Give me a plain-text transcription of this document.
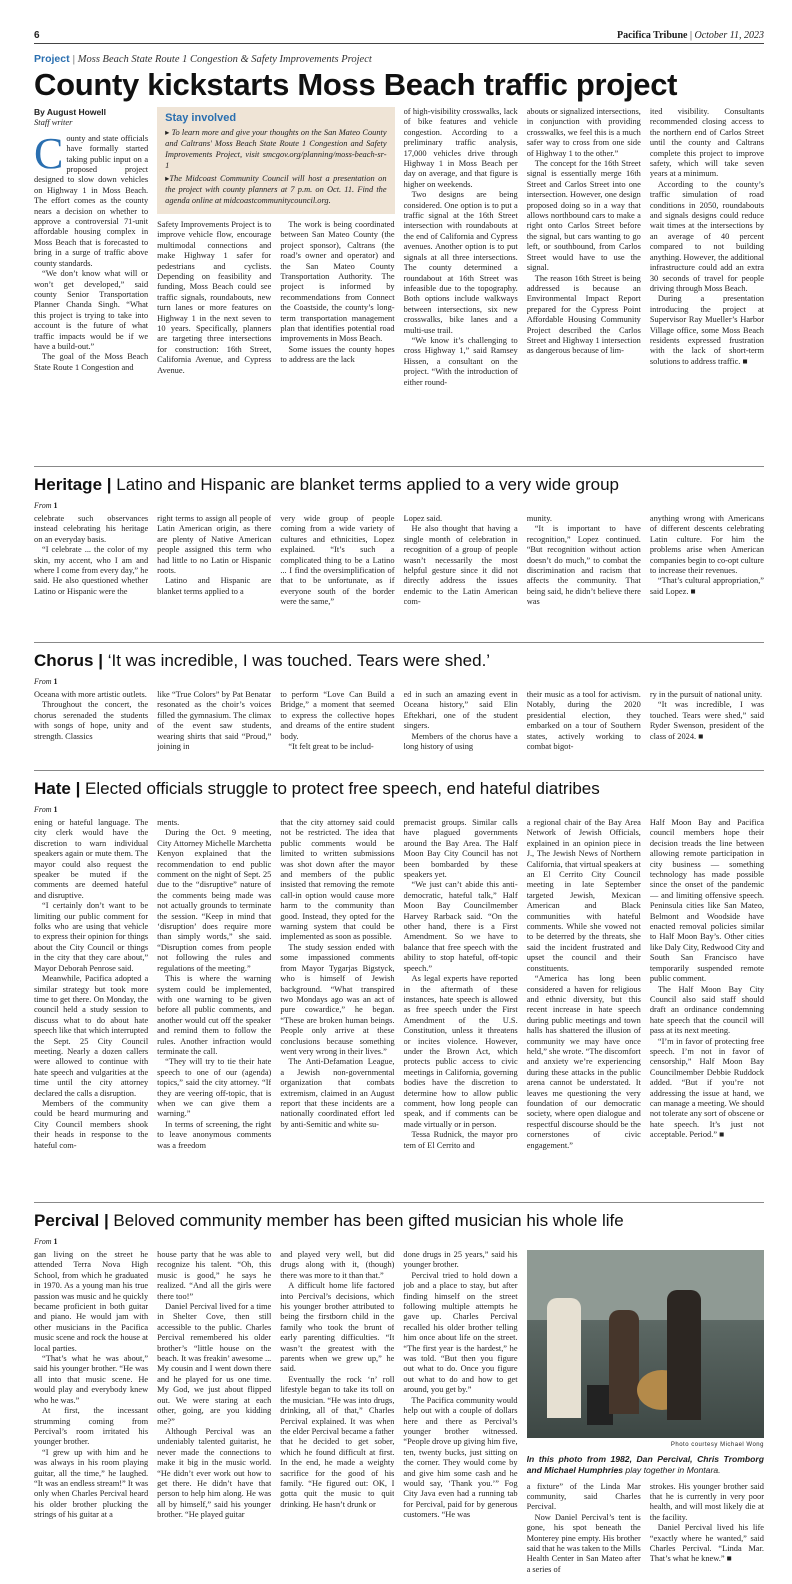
6	Pacifica Tribune | October 11, 2023
Project | Moss Beach State Route 1 Congestion & Safety Improvements Project
County kickstarts Moss Beach traffic project
By August Howell
Staff writer

County and state officials have formally started taking public input on a proposed project designed to slow down vehicles on Highway 1 in Moss Beach. The effort comes as the county nears a decision on whether to approve a controversial 71-unit affordable housing complex in Moss Beach that is forecasted to bring in a surge of traffic above county standards.

“We don’t know what will or won’t get developed,” said county Senior Transportation Planner Chanda Singh. “What this project is trying to take into account is the future of what traffic impacts would be if we have a build-out.”

The goal of the Moss Beach State Route 1 Congestion and

Stay involved

▸ To learn more and give your thoughts on the San Mateo County and Caltrans' Moss Beach State Route 1 Congestion and Safety Improvements Project, visit smcgov.org/planning/moss-beach-sr-1

▸The Midcoast Community Council will host a presentation on the project with county planners at 7 p.m. on Oct. 11. Find the agenda online at midcoastcommunitycouncil.org.

Safety Improvements Project is to improve vehicle flow, encourage multimodal connections and make Highway 1 safer for pedestrians and cyclists. Depending on feasibility and funding, Moss Beach could see traffic signals, roundabouts, new turn lanes or more features on Highway 1 in the next seven to 10 years. Specifically, planners are targeting three intersections for construction: 16th Street, California Avenue, and Cypress Avenue.

The work is being coordinated between San Mateo County (the project sponsor), Caltrans (the road’s owner and operator) and the San Mateo County Transportation Authority. The project is informed by recommendations from Connect the Coastside, the county’s long-term transportation management plan that identifies potential road improvements in Moss Beach.

Some issues the county hopes to address are the lack

of high-visibility crosswalks, lack of bike features and vehicle congestion. According to a preliminary traffic analysis, 17,000 vehicles drive through Highway 1 in Moss Beach per day on average, and that figure is higher on weekends.

Two designs are being considered. One option is to put a traffic signal at the 16th Street intersection with roundabouts at the end of California and Cypress avenues. Another option is to put signals at all three intersections. The county determined a roundabout at 16th Street was infeasible due to the topography. Both options include walkways between intersections, six new crosswalks, bike lanes and a multi-use trail.

“We know it’s challenging to cross Highway 1,” said Ramsey Hissen, a consultant on the project. “With the introduction of either round-

abouts or signalized intersections, in conjunction with providing crosswalks, we feel this is a much safer way to cross from one side of Highway 1 to the other.”

The concept for the 16th Street signal is essentially merge 16th Street and Carlos Street into one intersection. However, one design proposed doing so in a way that allows northbound cars to make a right onto Carlos Street before the signal, but cars wanting to go left, or southbound, from Carlos Street would have to use the signal.

The reason 16th Street is being addressed is because an Environmental Impact Report prepared for the Cypress Point Affordable Housing Community Project described the Carlos Street and Highway 1 intersection as dangerous because of lim-

ited visibility. Consultants recommended closing access to the northern end of Carlos Street until the county and Caltrans complete this project to improve safety, which will take seven years at a minimum.

According to the county’s traffic simulation of road conditions in 2050, roundabouts and signals designs could reduce wait times at the intersections by an average of 40 percent compared to not building anything. However, the additional infrastructure could add an extra 30 seconds of travel for people driving through Moss Beach.

During a presentation introducing the project at Supervisor Ray Mueller’s Harbor Village office, some Moss Beach residents expressed frustration with the lack of short-term solutions to address traffic. ■

Heritage | Latino and Hispanic are blanket terms applied to a very wide group
From 1

celebrate such observances instead celebrating his heritage on an everyday basis.

“I celebrate ... the color of my skin, my accent, who I am and where I come from every day,” he said. He also questioned whether Latino or Hispanic were the

right terms to assign all people of Latin American origin, as there are plenty of Native American people assigned this term who had little to no Latin or Hispanic roots.

Latino and Hispanic are blanket terms applied to a

very wide group of people coming from a wide variety of cultures and ethnicities, Lopez explained. “It’s such a complicated thing to be a Latino ... I find the oversimplification of that to be unfortunate, as if everyone south of the border were the same,”

Lopez said.

He also thought that having a single month of celebration in recognition of a group of people wasn’t necessarily the most helpful gesture since it did not directly address the issues endemic to the Latin American com-

munity.

“It is important to have recognition,” Lopez continued. “But recognition without action doesn’t do much,” to combat the discrimination and racism that affects the community. That being said, he didn’t believe there was

anything wrong with Americans of different descents celebrating Latin culture. For him the problems arise when American companies begin to co-opt culture to increase their revenues.

“That’s cultural appropriation,” said Lopez. ■

Chorus | ‘It was incredible, I was touched. Tears were shed.’
From 1

Oceana with more artistic outlets.

Throughout the concert, the chorus serenaded the students with songs of hope, unity and strength. Classics

like “True Colors” by Pat Benatar resonated as the choir’s voices filled the gymnasium. The climax of the event saw students, wearing shirts that said “Proud,” joining in

to perform “Love Can Build a Bridge,” a moment that seemed to express the collective hopes and dreams of the entire student body.

“It felt great to be includ-

ed in such an amazing event in Oceana history,” said Elin Eftekhari, one of the student singers.

Members of the chorus have a long history of using

their music as a tool for activism. Notably, during the 2020 presidential election, they embarked on a tour of Southern states, actively working to combat bigot-

ry in the pursuit of national unity.

“It was incredible, I was touched. Tears were shed,” said Ryder Swenson, president of the class of 2024. ■

Hate | Elected officials struggle to protect free speech, end hateful diatribes
From 1

ening or hateful language. The city clerk would have the discretion to warn individual speakers again or mute them. The mayor could also request the speaker be muted if the comments are deemed hateful and disruptive.

“I certainly don’t want to be limiting our public comment for folks who are using that vehicle to express their opinion for things about the City Council or things in the city that they care about,” Mayor Deborah Penrose said.

Meanwhile, Pacifica adopted a similar strategy but took more time to get there. On Monday, the council held a study session to discuss what to do about hate speech like that which interrupted the Sept. 25 City Council meeting. Nearly a dozen callers were allowed to continue with hate speech and vulgarities at the time until the city attorney declared the calls a disruption.

Members of the community could be heard murmuring and City Council members shook their heads in response to the hateful com-

ments.

During the Oct. 9 meeting, City Attorney Michelle Marchetta Kenyon explained that the recommendation to end public comment on the night of Sept. 25 due to the “disruptive” nature of the comments being made was not actually grounds to terminate the session. “Keep in mind that ‘disruption’ does require more than simply words,” she said. “Disruption comes from people not following the rules and regulations of the meeting.”

This is where the warning system could be implemented, with one warning to be given before all public comments, and another would cut off the speaker and remind them to follow the rules. Another infraction would terminate the call.

“They will try to tie their hate speech to one of our (agenda) topics,” said the city attorney. “If they are veering off-topic, that is when we can give them a warning.”

In terms of screening, the right to leave anonymous comments was a freedom

that the city attorney said could not be restricted. The idea that public comments would be limited to written submissions was shot down after the mayor and members of the public insisted that removing the remote call-in option would cause more harm to the community than good. Instead, they opted for the warning system that could be implemented as soon as possible.

The study session ended with some impassioned comments from Mayor Tygarjas Bigstyck, who is himself of Jewish background. “What transpired two Mondays ago was an act of pure cowardice,” he began. “These are broken human beings. People only arrive at these conclusions because something went very wrong in their lives.”

The Anti-Defamation League, a Jewish non-governmental organization that combats extremism, claimed in an August report that these incidents are a nationally coordinated effort led by anti-Semitic and white su-

premacist groups. Similar calls have plagued governments around the Bay Area. The Half Moon Bay City Council has not been bombarded by these speakers yet.

“We just can’t abide this anti-democratic, hateful talk,” Half Moon Bay Councilmember Harvey Rarback said. “On the other hand, there is a First Amendment. So we have to balance that free speech with the ability to stop hateful, off-topic speech.”

As legal experts have reported in the aftermath of these instances, hate speech is allowed as free speech under the First Amendment of the U.S. Constitution, unless it threatens or incites violence. However, under the Brown Act, which protects public access to civic meetings in California, governing bodies have the discretion to determine how to allow public comment, how long people can speak, and if comments can be made virtually or in person.

Tessa Rudnick, the mayor pro tem of El Cerrito and

a regional chair of the Bay Area Network of Jewish Officials, explained in an opinion piece in J., The Jewish News of Northern California, that virtual speakers at an El Cerrito City Council meeting in late September targeted Jewish, Mexican American and Black communities with hateful comments. While she vowed not to be deterred by the threats, she said the incident frustrated and upset the council and their constituents.

“America has long been considered a haven for religious and ethnic diversity, but this recent increase in hate speech during public meetings and town halls has shattered the illusion of community we may have once held,” she wrote. “The discomfort and anxiety we’re experiencing during these attacks in the public arena cannot be understated. It leaves me questioning the very foundation of our democratic society, where open dialogue and respectful discourse should be the cornerstones of civic engagement.”

Half Moon Bay and Pacifica council members hope their decision treads the line between allowing remote participation in city business — something technology has made possible since the onset of the pandemic — and limiting offensive speech. Peninsula cities like San Mateo, Belmont and Woodside have enacted removal policies similar to Half Moon Bay’s. Other cities like Daly City, Redwood City and South San Francisco have temporarily suspended remote public comment.

The Half Moon Bay City Council also said staff should draft an ordinance condemning hate speech that the council will pass at its next meeting.

“I’m in favor of protecting free speech. I’m not in favor of censorship,” Half Moon Bay Councilmember Debbie Ruddock added. “But if you’re not addressing the issue at hand, we can manage a meeting. We should not tolerate any sort of obscene or hate speech. It’s just not acceptable. Period.” ■

Percival | Beloved community member has been gifted musician his whole life
From 1

gan living on the street he attended Terra Nova High School, from which he graduated in 1970. As a young man his true passion was music and he quickly became proficient in both guitar and piano. He would jam with other musicians in the Pacifica music scene and rock the house at local parties.

“That’s what he was about,” said his younger brother. “He was all into that music scene. He would play and everybody knew who he was.”

At first, the incessant strumming coming from Percival’s room irritated his younger brother.

“I grew up with him and he was always in his room playing guitar, all the time,” he laughed. “It was an endless stream!” It was only when Charles Percival heard his older brother plucking the strings of his guitar at a

house party that he was able to recognize his talent. “Oh, this music is good,” he says he realized. “And all the girls were there too!”

Daniel Percival lived for a time in Shelter Cove, then still accessible to the public. Charles Percival remembered his older brother’s “little house on the beach. It was freakin’ awesome ... My cousin and I went down there and he played for us one time. My God, we just about flipped out. We were staring at each other, going, are you kidding me?”

Although Percival was an undeniably talented guitarist, he never made the connections to make it big in the music world. “He didn’t ever work out how to get there. He didn’t have that person to help him along. He was all by himself,” said his younger brother. “He played guitar

and played very well, but did drugs along with it, (though) there was more to it than that.”

A difficult home life factored into Percival’s decisions, which his younger brother attributed to being the firstborn child in the family who took the brunt of early parenting difficulties. “It wasn’t the greatest with the parents when we grew up,” he said.

Eventually the rock ‘n’ roll lifestyle began to take its toll on the musician. “He was into drugs, drinking, all of that,” Charles Percival explained. It was when the elder Percival became a father that he decided to get sober, which he found difficult at first. In the end, he made a weighty sacrifice for the good of his family. “He figured out: OK, I gotta quit the music to quit drinking. He hasn’t drunk or

done drugs in 25 years,” said his younger brother.

Percival tried to hold down a job and a place to stay, but after finding himself on the street following multiple attempts he gave up. Charles Percival recalled his older brother telling him once about life on the street. “The first year is the hardest,” he was told. “But then you figure out what to do. Once you figure out what to do and how to get around, you get by.”

The Pacifica community would help out with a couple of dollars here and there as Percival’s younger brother witnessed. “People drove up giving him five, ten, twenty bucks, just sitting on the corner. They would come by and give him some cash and he would say, ‘Thank you.’” Fog City Java even had a running tab for Percival, paid for by generous customers. “He was

Photo courtesy Michael Wong
In this photo from 1982, Dan Percival, Chris Tromborg and Michael Humphries play together in Montara.

a fixture” of the Linda Mar community, said Charles Percival.

Now Daniel Percival’s tent is gone, his spot beneath the Monterey pine empty. His brother said that he was taken to the Mills Health Center in San Mateo after a series of

strokes. His younger brother said that he is currently in very poor health, and will most likely die at the facility.

Daniel Percival lived his life “exactly where he wanted,” said Charles Percival. “Linda Mar. That’s what he knew.” ■
